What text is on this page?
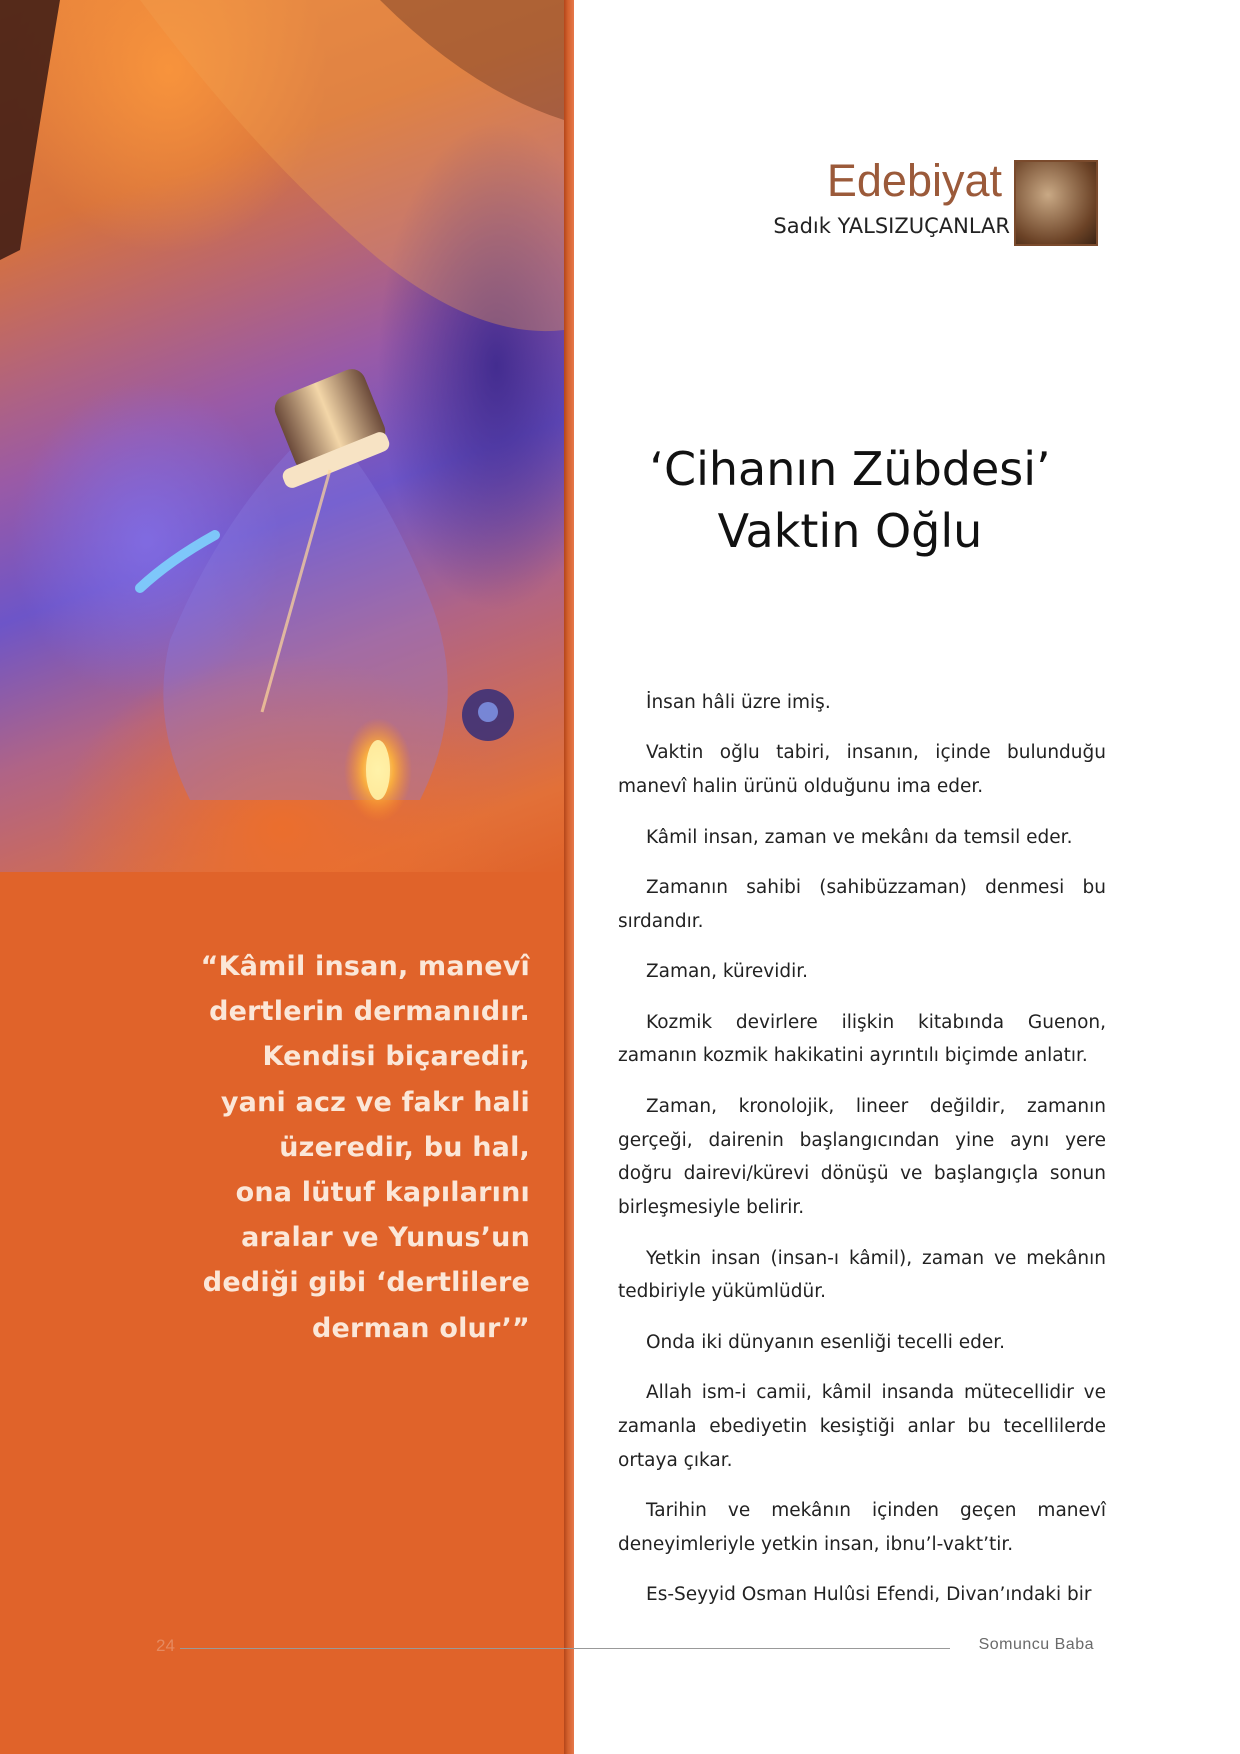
“Kâmil insan, manevî
dertlerin dermanıdır.
Kendisi biçaredir,
yani acz ve fakr hali
üzeredir, bu hal,
ona lütuf kapılarını
aralar ve Yunus’un
dediği gibi ‘dertlilere
derman olur’”
Edebiyat
Sadık YALSIZUÇANLAR
‘Cihanın Zübdesi’
Vaktin Oğlu

İnsan hâli üzre imiş.

Vaktin oğlu tabiri, insanın, içinde bulunduğu manevî halin ürünü olduğunu ima eder.

Kâmil insan, zaman ve mekânı da temsil eder.

Zamanın sahibi (sahibüzzaman) denmesi bu sırdandır.

Zaman, kürevidir.

Kozmik devirlere ilişkin kitabında Guenon, zamanın kozmik hakikatini ayrıntılı biçimde anlatır.

Zaman, kronolojik, lineer değildir, zamanın gerçeği, dairenin başlangıcından yine aynı yere doğru dairevi/kürevi dönüşü ve başlangıçla sonun birleşmesiyle belirir.

Yetkin insan (insan-ı kâmil), zaman ve mekânın tedbiriyle yükümlüdür.

Onda iki dünyanın esenliği tecelli eder.

Allah ism-i camii, kâmil insanda mütecellidir ve zamanla ebediyetin kesiştiği anlar bu tecellilerde ortaya çıkar.

Tarihin ve mekânın içinden geçen manevî deneyimleriyle yetkin insan, ibnu’l-vakt’tir.

Es-Seyyid Osman Hulûsi Efendi, Divan’ındaki bir

24	Somuncu Baba
